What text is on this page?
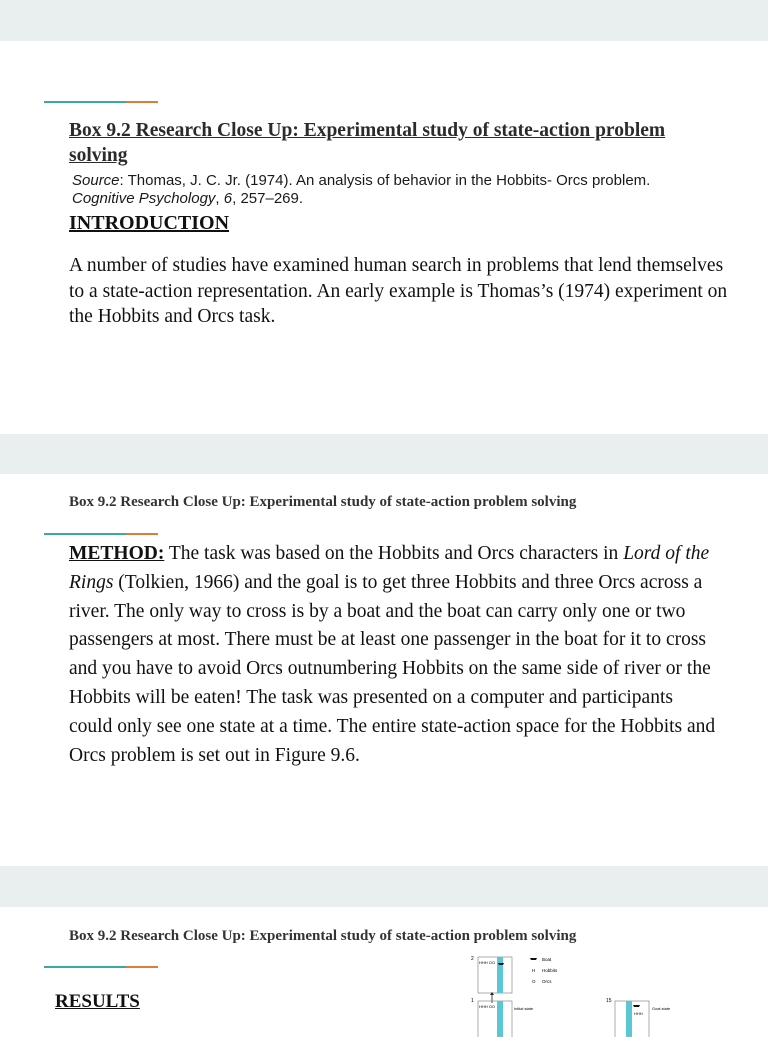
Box 9.2 Research Close Up: Experimental study of state-action problem solving
Source: Thomas, J. C. Jr. (1974). An analysis of behavior in the Hobbits- Orcs problem. Cognitive Psychology, 6, 257–269.
INTRODUCTION

A number of studies have examined human search in problems that lend themselves to a state-action representation. An early example is Thomas’s (1974) experiment on the Hobbits and Orcs task.

Box 9.2 Research Close Up: Experimental study of state-action problem solving

METHOD: The task was based on the Hobbits and Orcs characters in Lord of the Rings (Tolkien, 1966) and the goal is to get three Hobbits and three Orcs across a river. The only way to cross is by a boat and the boat can carry only one or two passengers at most. There must be at least one passenger in the boat for it to cross and you have to avoid Orcs outnumbering Hobbits on the same side of river or the Hobbits will be eaten! The task was presented on a computer and participants could only see one state at a time. The entire state-action space for the Hobbits and Orcs problem is set out in Figure 9.6.

Box 9.2 Research Close Up: Experimental study of state-action problem solving
RESULTS
2
HHH OO
1
HHH OO	Initial state
Boat
H Hobbits
O Orcs
15
HHH
Goal state
